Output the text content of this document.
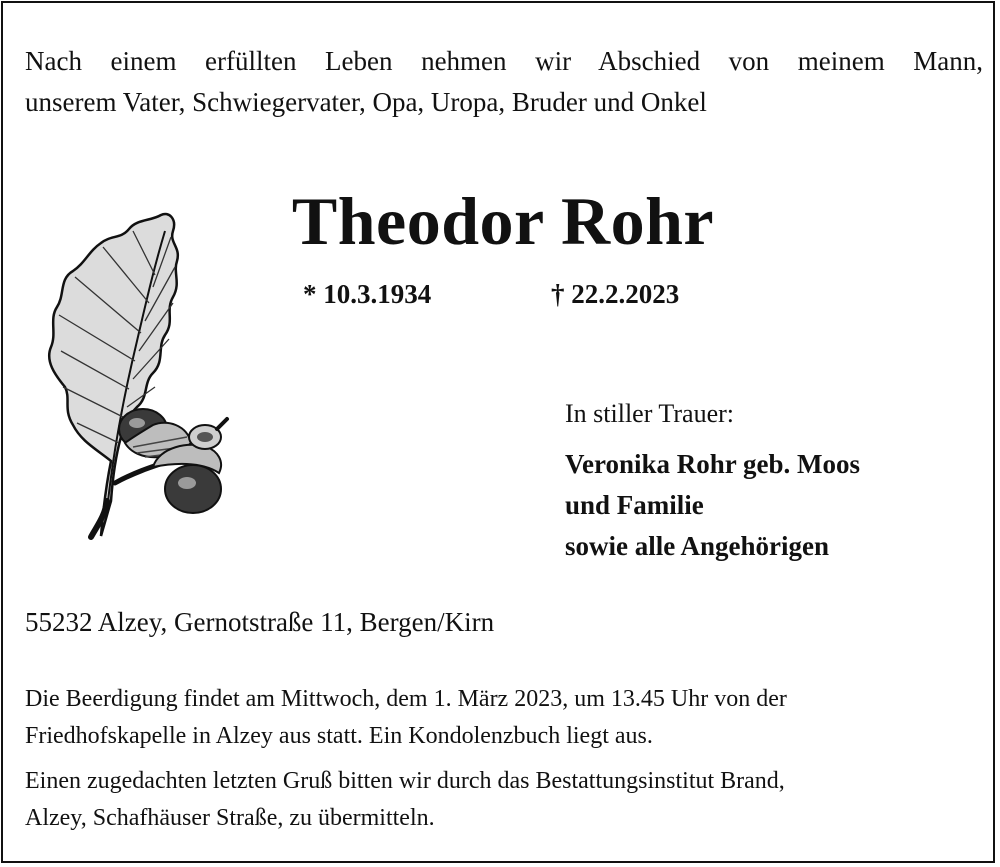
Nach einem erfüllten Leben nehmen wir Abschied von meinem Mann,
unserem Vater, Schwiegervater, Opa, Uropa, Bruder und Onkel
Theodor Rohr
* 10.3.1934	† 22.2.2023
In stiller Trauer:
Veronika Rohr geb. Moos
und Familie
sowie alle Angehörigen
55232 Alzey, Gernotstraße 11, Bergen/Kirn
Die Beerdigung findet am Mittwoch, dem 1. März 2023, um 13.45 Uhr von der
Friedhofskapelle in Alzey aus statt. Ein Kondolenzbuch liegt aus.
Einen zugedachten letzten Gruß bitten wir durch das Bestattungsinstitut Brand,
Alzey, Schafhäuser Straße, zu übermitteln.
